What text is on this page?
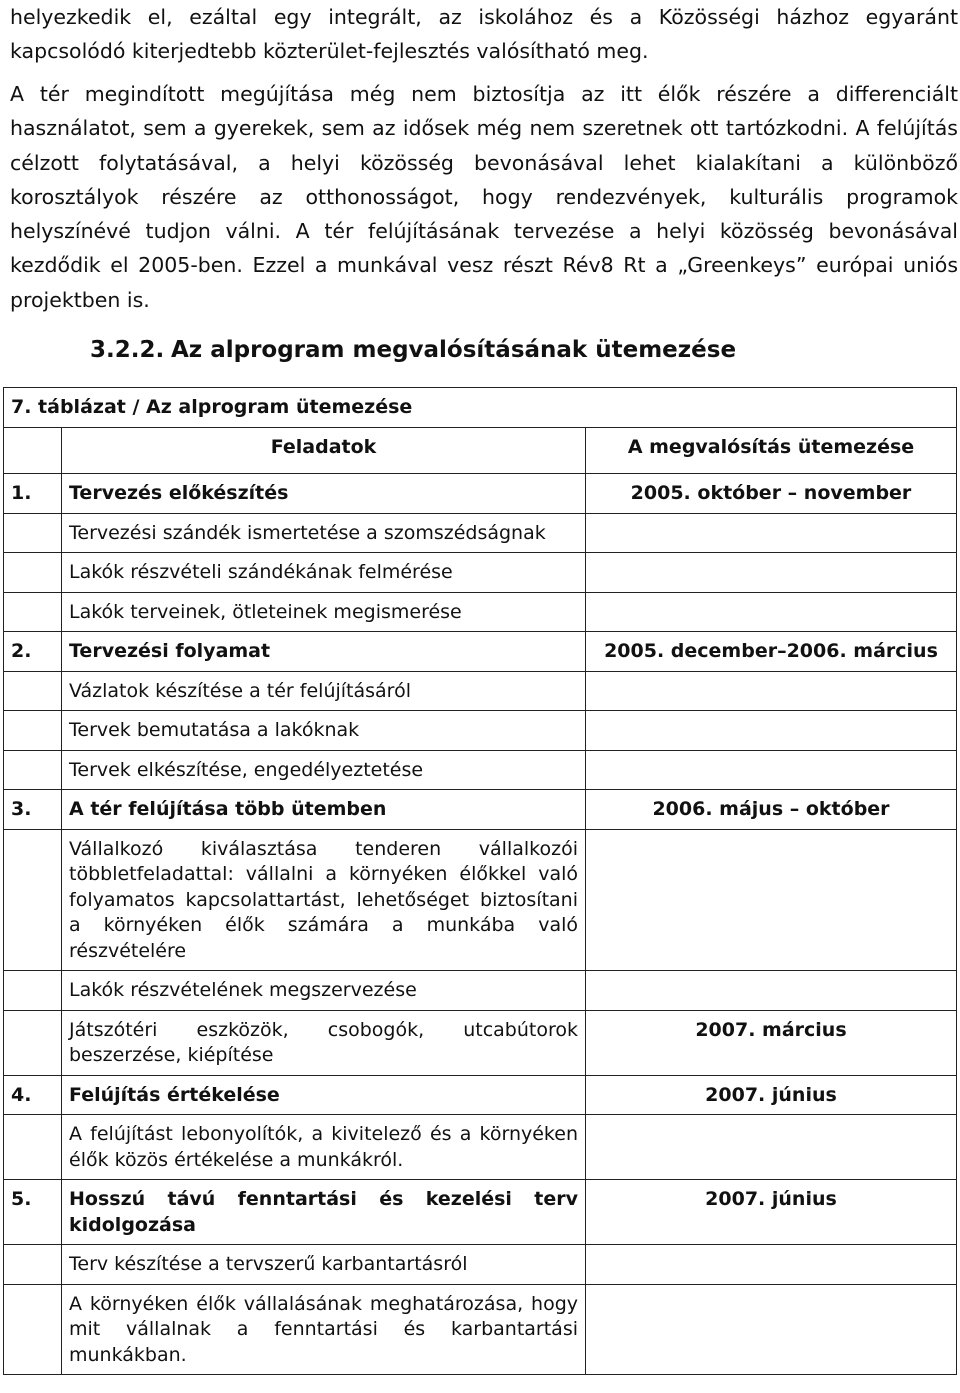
helyezkedik el, ezáltal egy integrált, az iskolához és a Közösségi házhoz egyaránt kapcsolódó kiterjedtebb közterület-fejlesztés valósítható meg.

A tér megindított megújítása még nem biztosítja az itt élők részére a differenciált használatot, sem a gyerekek, sem az idősek még nem szeretnek ott tartózkodni. A felújítás célzott folytatásával, a helyi közösség bevonásával lehet kialakítani a különböző korosztályok részére az otthonosságot, hogy rendezvények, kulturális programok helyszínévé tudjon válni. A tér felújításának tervezése a helyi közösség bevonásával kezdődik el 2005-ben. Ezzel a munkával vesz részt Rév8 Rt a „Greenkeys” európai uniós projektben is.

3.2.2. Az alprogram megvalósításának ütemezése
7. táblázat / Az alprogram ütemezése		
	Feladatok	A megvalósítás ütemezése
1.	Tervezés előkészítés	2005. október – november
	Tervezési szándék ismertetése a szomszédságnak	
	Lakók részvételi szándékának felmérése	
	Lakók terveinek, ötleteinek megismerése	
2.	Tervezési folyamat	2005. december–2006. március
	Vázlatok készítése a tér felújításáról	
	Tervek bemutatása a lakóknak	
	Tervek elkészítése, engedélyeztetése	
3.	A tér felújítása több ütemben	2006. május – október
	Vállalkozó kiválasztása tenderen vállalkozói többletfeladattal: vállalni a környéken élőkkel való folyamatos kapcsolattartást, lehetőséget biztosítani a környéken élők számára a munkába való részvételére	
	Lakók részvételének megszervezése	
	Játszótéri eszközök, csobogók, utcabútorok beszerzése, kiépítése	2007. március
4.	Felújítás értékelése	2007. június
	A felújítást lebonyolítók, a kivitelező és a környéken élők közös értékelése a munkákról.	
5.	Hosszú távú fenntartási és kezelési terv kidolgozása	2007. június
	Terv készítése a tervszerű karbantartásról	
	A környéken élők vállalásának meghatározása, hogy mit vállalnak a fenntartási és karbantartási munkákban.	
